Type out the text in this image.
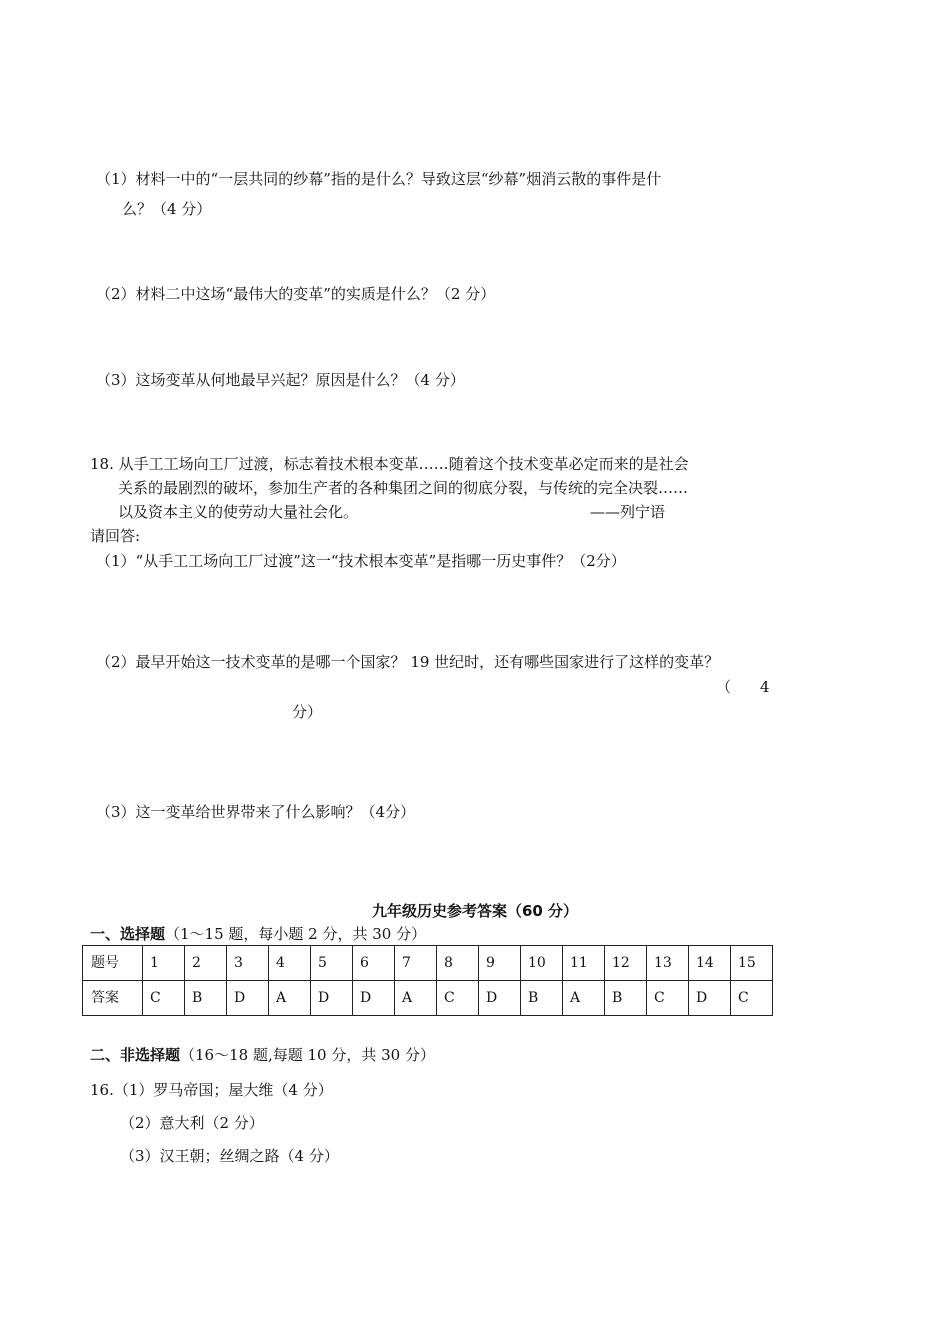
（1）材料一中的“一层共同的纱幕”指的是什么？导致这层“纱幕”烟消云散的事件是什
么？（4 分）
（2）材料二中这场“最伟大的变革”的实质是什么？（2 分）
（3）这场变革从何地最早兴起？原因是什么？（4 分）
18. 从手工工场向工厂过渡，标志着技术根本变革……随着这个技术变革必定而来的是社会
关系的最剧烈的破坏，参加生产者的各种集团之间的彻底分裂，与传统的完全决裂……
以及资本主义的使劳动大量社会化。	——列宁语
请回答:
（1）“从手工工场向工厂过渡”这一“技术根本变革”是指哪一历史事件？（2分）
（2）最早开始这一技术变革的是哪一个国家？ 19 世纪时，还有哪些国家进行了这样的变革？
（ 4
分）
（3）这一变革给世界带来了什么影响？（4分）
九年级历史参考答案（60 分）
一、选择题（1～15 题，每小题 2 分，共 30 分）
题号	1	2	3	4	5	6	7	8	9	10	11	12	13	14	15
答案	C	B	D	A	D	D	A	C	D	B	A	B	C	D	C
二、非选择题（16～18 题,每题 10 分，共 30 分）
16.（1）罗马帝国；屋大维（4 分）
（2）意大利（2 分）
（3）汉王朝；丝绸之路（4 分）
